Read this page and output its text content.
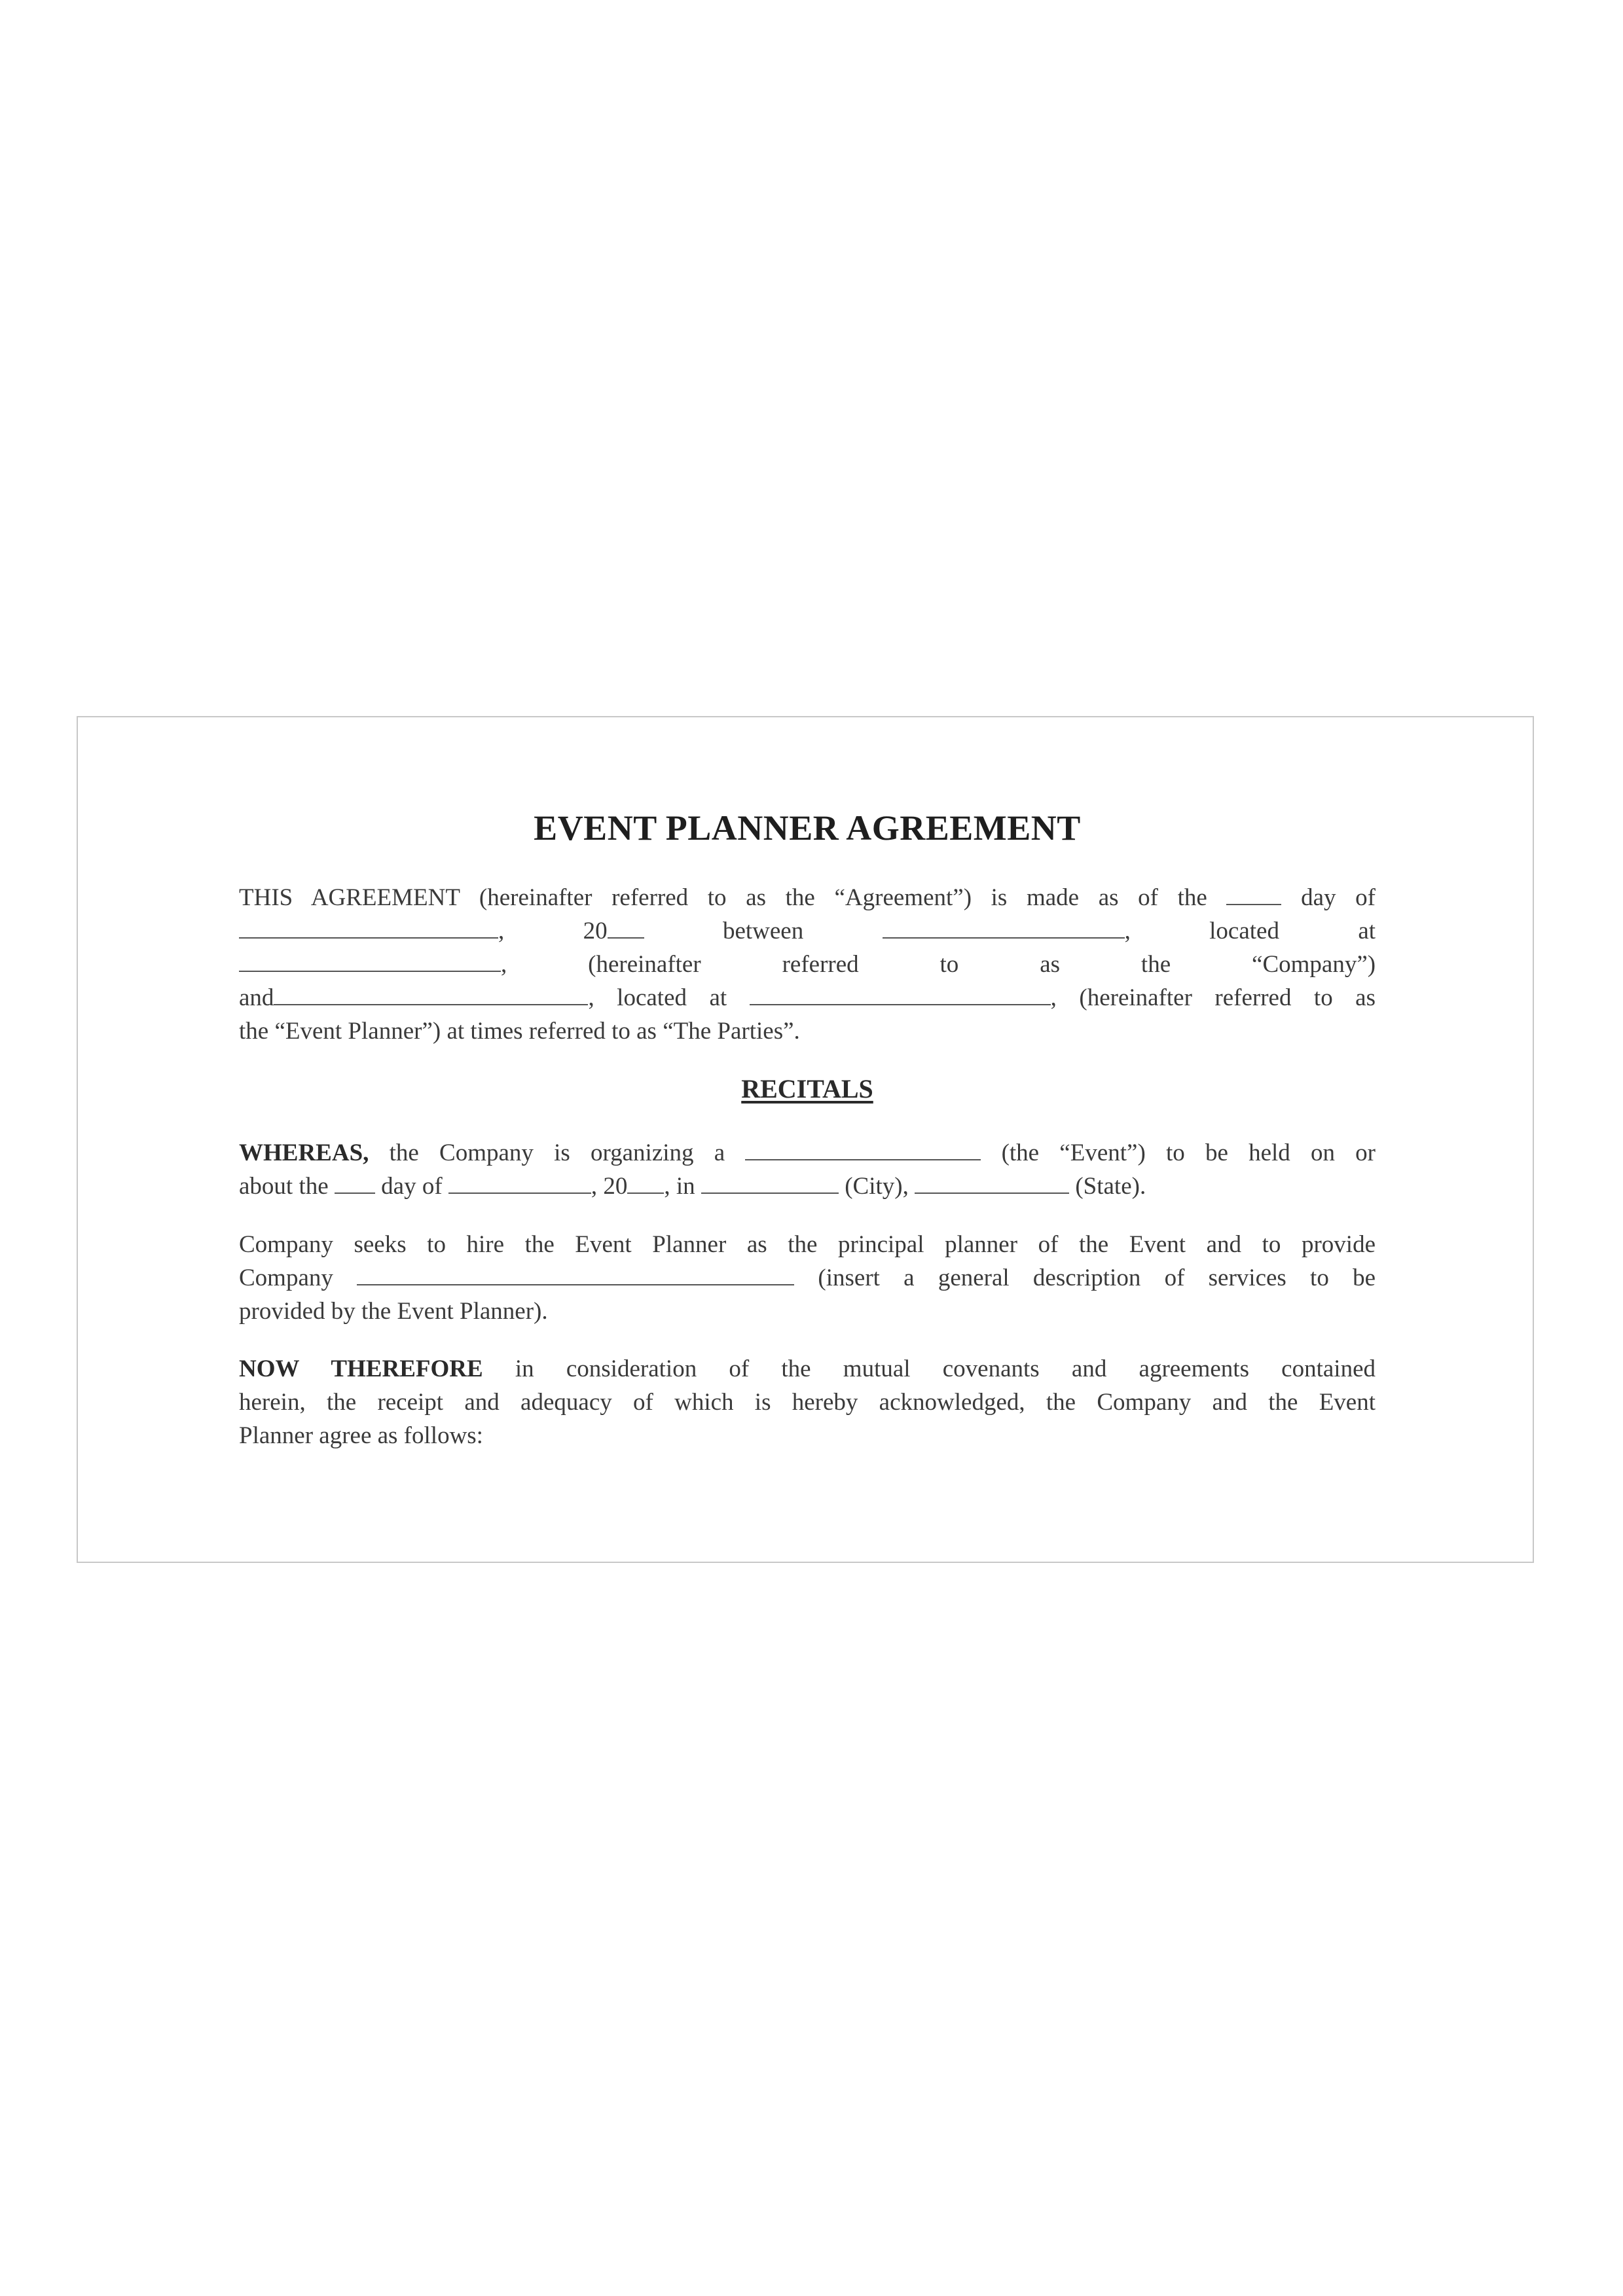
EVENT PLANNER AGREEMENT
THIS AGREEMENT (hereinafter referred to as the “Agreement”) is made as of the	day of
,	20	between	,	located	at
,	(hereinafter	referred	to	as	the	“Company”)
and	, located at	, (hereinafter referred to as
the “Event Planner”) at times referred to as “The Parties”.
RECITALS
WHEREAS, the Company is organizing a	(the “Event”) to be held on or
about the day of	, 20 , in	(City),	(State).
Company seeks to hire the Event Planner as the principal planner of the Event and to provide
Company	(insert a general description of services to be
provided by the Event Planner).
NOW THEREFORE in consideration of the mutual covenants and agreements contained
herein, the receipt and adequacy of which is hereby acknowledged, the Company and the Event
Planner agree as follows:
